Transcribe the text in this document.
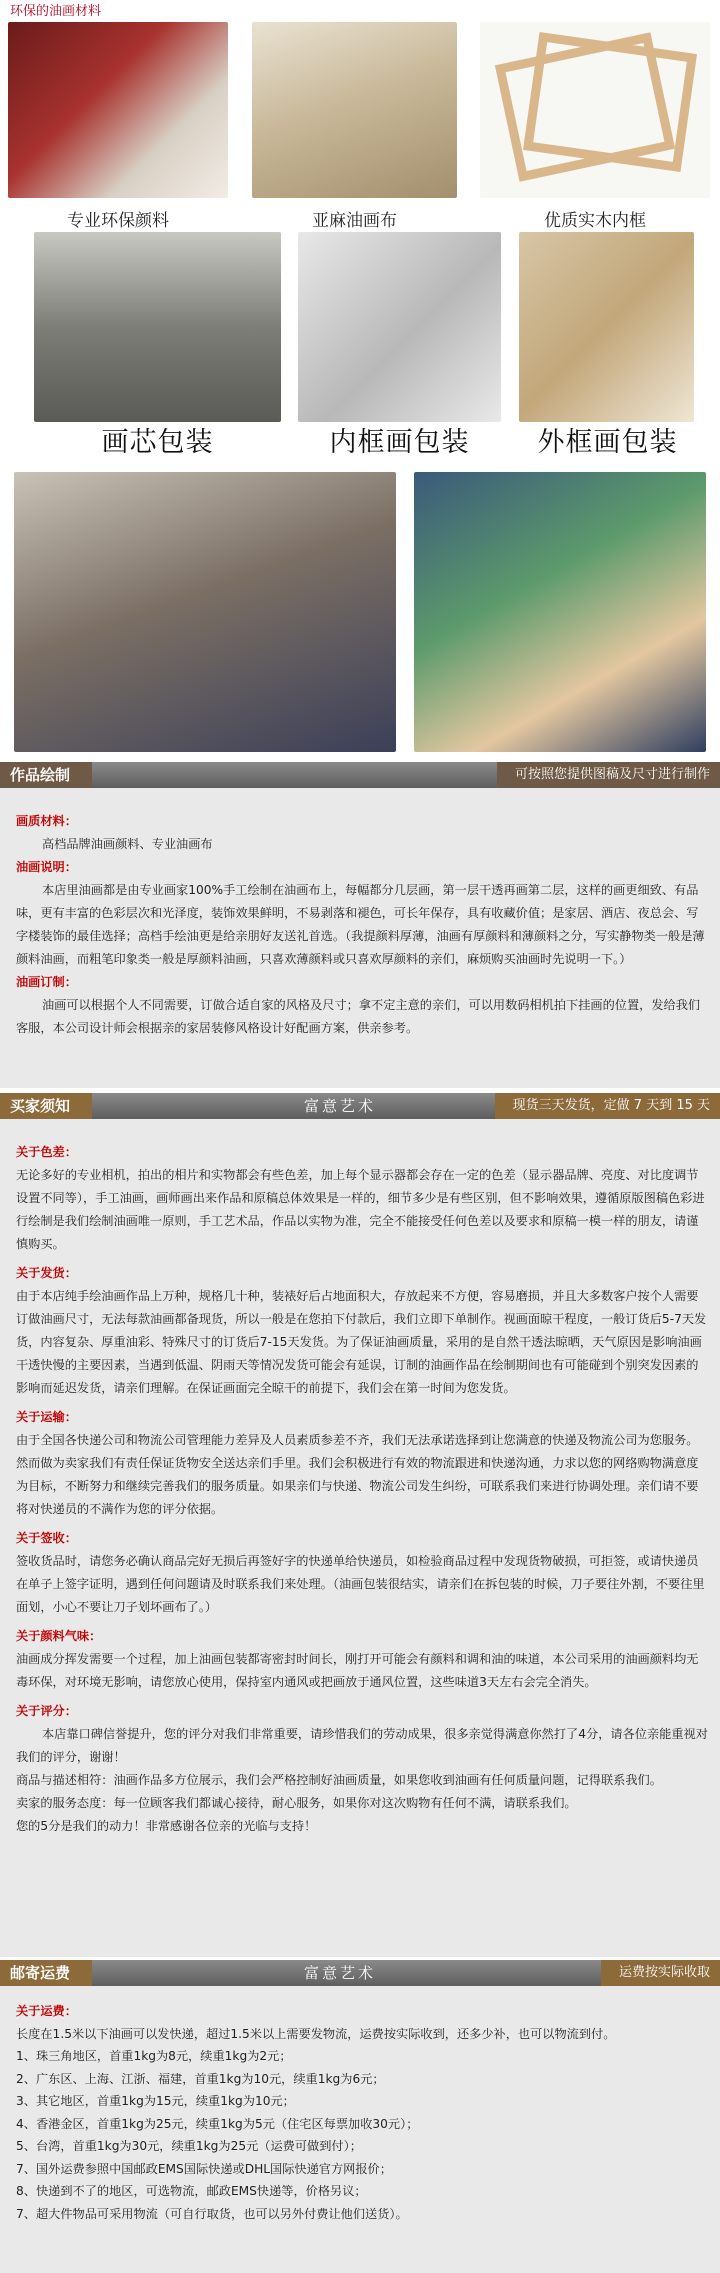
环保的油画材料
专业环保颜料	亚麻油画布	优质实木内框
画芯包装	内框画包装	外框画包装
作品绘制	可按照您提供图稿及尺寸进行制作
画质材料：
高档品牌油画颜料、专业油画布
油画说明：
本店里油画都是由专业画家100%手工绘制在油画布上，每幅都分几层画，第一层干透再画第二层，这样的画更细致、有品味，更有丰富的色彩层次和光泽度，装饰效果鲜明，不易剥落和褪色，可长年保存，具有收藏价值；是家居、酒店、夜总会、写字楼装饰的最佳选择；高档手绘油更是给亲朋好友送礼首选。（我提颜料厚薄，油画有厚颜料和薄颜料之分，写实静物类一般是薄颜料油画，而粗笔印象类一般是厚颜料油画，只喜欢薄颜料或只喜欢厚颜料的亲们，麻烦购买油画时先说明一下。）
油画订制：
油画可以根据个人不同需要，订做合适自家的风格及尺寸；拿不定主意的亲们，可以用数码相机拍下挂画的位置，发给我们客服，本公司设计师会根据亲的家居装修风格设计好配画方案，供亲参考。
买家须知	富意艺术	现货三天发货，定做 7 天到 15 天
关于色差：
无论多好的专业相机，拍出的相片和实物都会有些色差，加上每个显示器都会存在一定的色差（显示器品牌、亮度、对比度调节设置不同等），手工油画，画师画出来作品和原稿总体效果是一样的，细节多少是有些区别，但不影响效果，遵循原版图稿色彩进行绘制是我们绘制油画唯一原则，手工艺术品，作品以实物为准，完全不能接受任何色差以及要求和原稿一模一样的朋友，请谨慎购买。
关于发货：
由于本店纯手绘油画作品上万种，规格几十种，装裱好后占地面积大，存放起来不方便，容易磨损，并且大多数客户按个人需要订做油画尺寸，无法每款油画都备现货，所以一般是在您拍下付款后，我们立即下单制作。视画面晾干程度，一般订货后5-7天发货，内容复杂、厚重油彩、特殊尺寸的订货后7-15天发货。为了保证油画质量，采用的是自然干透法晾晒，天气原因是影响油画干透快慢的主要因素，当遇到低温、阴雨天等情况发货可能会有延误，订制的油画作品在绘制期间也有可能碰到个别突发因素的影响而延迟发货，请亲们理解。在保证画面完全晾干的前提下，我们会在第一时间为您发货。
关于运输：
由于全国各快递公司和物流公司管理能力差异及人员素质参差不齐，我们无法承诺选择到让您满意的快递及物流公司为您服务。然而做为卖家我们有责任保证货物安全送达亲们手里。我们会积极进行有效的物流跟进和快递沟通，力求以您的网络购物满意度为目标，不断努力和继续完善我们的服务质量。如果亲们与快递、物流公司发生纠纷，可联系我们来进行协调处理。亲们请不要将对快递员的不满作为您的评分依据。
关于签收：
签收货品时，请您务必确认商品完好无损后再签好字的快递单给快递员，如检验商品过程中发现货物破损，可拒签，或请快递员在单子上签字证明，遇到任何问题请及时联系我们来处理。（油画包装很结实，请亲们在拆包装的时候，刀子要往外割，不要往里面划，小心不要让刀子划坏画布了。）
关于颜料气味：
油画成分挥发需要一个过程，加上油画包装都寄密封时间长，刚打开可能会有颜料和调和油的味道，本公司采用的油画颜料均无毒环保，对环境无影响，请您放心使用，保持室内通风或把画放于通风位置，这些味道3天左右会完全消失。
关于评分：
本店靠口碑信誉提升，您的评分对我们非常重要，请珍惜我们的劳动成果，很多亲觉得满意你然打了4分，请各位亲能重视对我们的评分，谢谢！
商品与描述相符：油画作品多方位展示，我们会严格控制好油画质量，如果您收到油画有任何质量问题，记得联系我们。
卖家的服务态度：每一位顾客我们都诚心接待，耐心服务，如果你对这次购物有任何不满，请联系我们。
您的5分是我们的动力！非常感谢各位亲的光临与支持！
邮寄运费	富意艺术	运费按实际收取
关于运费：
长度在1.5米以下油画可以发快递，超过1.5米以上需要发物流，运费按实际收到，还多少补，也可以物流到付。
1、珠三角地区，首重1kg为8元，续重1kg为2元；
2、广东区、上海、江浙、福建，首重1kg为10元，续重1kg为6元；
3、其它地区，首重1kg为15元，续重1kg为10元；
4、香港金区，首重1kg为25元，续重1kg为5元（住宅区每票加收30元）；
5、台湾，首重1kg为30元，续重1kg为25元（运费可做到付）；
7、国外运费参照中国邮政EMS国际快递或DHL国际快递官方网报价；
8、快递到不了的地区，可选物流，邮政EMS快递等，价格另议；
7、超大件物品可采用物流（可自行取货，也可以另外付费让他们送货）。
